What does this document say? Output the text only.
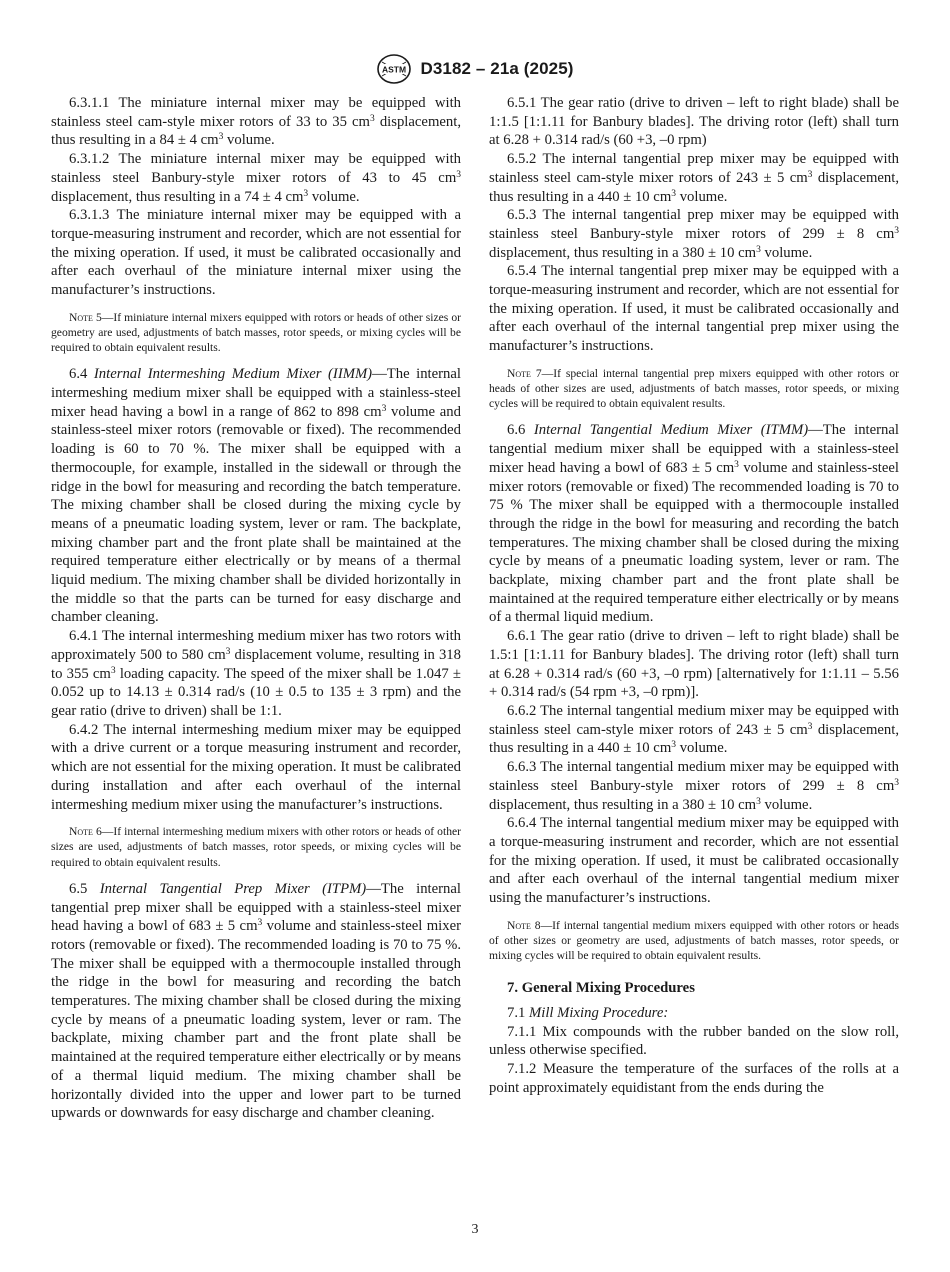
ASTM D3182 – 21a (2025)

6.3.1.1 The miniature internal mixer may be equipped with stainless steel cam-style mixer rotors of 33 to 35 $cm^3$ displacement, thus resulting in a 84 ± 4 $cm^3$ volume.

6.3.1.2 The miniature internal mixer may be equipped with stainless steel Banbury-style mixer rotors of 43 to 45 $cm^3$ displacement, thus resulting in a 74 ± 4 $cm^3$ volume.

6.3.1.3 The miniature internal mixer may be equipped with a torque-measuring instrument and recorder, which are not essential for the mixing operation. If used, it must be calibrated occasionally and after each overhaul of the miniature internal mixer using the manufacturer’s instructions.

Note 5—If miniature internal mixers equipped with rotors or heads of other sizes or geometry are used, adjustments of batch masses, rotor speeds, or mixing cycles will be required to obtain equivalent results.

6.4 Internal Intermeshing Medium Mixer (IIMM)—The internal intermeshing medium mixer shall be equipped with a stainless-steel mixer head having a bowl in a range of 862 to 898 $cm^3$ volume and stainless-steel mixer rotors (removable or fixed). The recommended loading is 60 to 70 %. The mixer shall be equipped with a thermocouple, for example, installed in the sidewall or through the ridge in the bowl for measuring and recording the batch temperature. The mixing chamber shall be closed during the mixing cycle by means of a pneumatic loading system, lever or ram. The backplate, mixing chamber part and the front plate shall be maintained at the required temperature either electrically or by means of a thermal liquid medium. The mixing chamber shall be divided horizontally in the middle so that the parts can be turned for easy discharge and chamber cleaning.

6.4.1 The internal intermeshing medium mixer has two rotors with approximately 500 to 580 $cm^3$ displacement volume, resulting in 318 to 355 $cm^3$ loading capacity. The speed of the mixer shall be 1.047 ± 0.052 up to 14.13 ± 0.314 rad/s (10 ± 0.5 to 135 ± 3 rpm) and the gear ratio (drive to driven) shall be 1:1.

6.4.2 The internal intermeshing medium mixer may be equipped with a drive current or a torque measuring instrument and recorder, which are not essential for the mixing operation. It must be calibrated during installation and after each overhaul of the internal intermeshing medium mixer using the manufacturer’s instructions.

Note 6—If internal intermeshing medium mixers with other rotors or heads of other sizes are used, adjustments of batch masses, rotor speeds, or mixing cycles will be required to obtain equivalent results.

6.5 Internal Tangential Prep Mixer (ITPM)—The internal tangential prep mixer shall be equipped with a stainless-steel mixer head having a bowl of 683 ± 5 $cm^3$ volume and stainless-steel mixer rotors (removable or fixed). The recommended loading is 70 to 75 %. The mixer shall be equipped with a thermocouple installed through the ridge in the bowl for measuring and recording the batch temperatures. The mixing chamber shall be closed during the mixing cycle by means of a pneumatic loading system, lever or ram. The backplate, mixing chamber part and the front plate shall be maintained at the required temperature either electrically or by means of a thermal liquid medium. The mixing chamber shall be horizontally divided into the upper and lower part to be turned upwards or downwards for easy discharge and chamber cleaning.

6.5.1 The gear ratio (drive to driven – left to right blade) shall be 1:1.5 [1:1.11 for Banbury blades]. The driving rotor (left) shall turn at 6.28 + 0.314 rad/s (60 +3, –0 rpm)

6.5.2 The internal tangential prep mixer may be equipped with stainless steel cam-style mixer rotors of 243 ± 5 $cm^3$ displacement, thus resulting in a 440 ± 10 $cm^3$ volume.

6.5.3 The internal tangential prep mixer may be equipped with stainless steel Banbury-style mixer rotors of 299 ± 8 $cm^3$ displacement, thus resulting in a 380 ± 10 $cm^3$ volume.

6.5.4 The internal tangential prep mixer may be equipped with a torque-measuring instrument and recorder, which are not essential for the mixing operation. If used, it must be calibrated occasionally and after each overhaul of the internal tangential prep mixer using the manufacturer’s instructions.

Note 7—If special internal tangential prep mixers equipped with other rotors or heads of other sizes are used, adjustments of batch masses, rotor speeds, or mixing cycles will be required to obtain equivalent results.

6.6 Internal Tangential Medium Mixer (ITMM)—The internal tangential medium mixer shall be equipped with a stainless-steel mixer head having a bowl of 683 ± 5 $cm^3$ volume and stainless-steel mixer rotors (removable or fixed) The recommended loading is 70 to 75 % The mixer shall be equipped with a thermocouple installed through the ridge in the bowl for measuring and recording the batch temperatures. The mixing chamber shall be closed during the mixing cycle by means of a pneumatic loading system, lever or ram. The backplate, mixing chamber part and the front plate shall be maintained at the required temperature either electrically or by means of a thermal liquid medium.

6.6.1 The gear ratio (drive to driven – left to right blade) shall be 1.5:1 [1:1.11 for Banbury blades]. The driving rotor (left) shall turn at 6.28 + 0.314 rad/s (60 +3, –0 rpm) [alternatively for 1:1.11 – 5.56 + 0.314 rad/s (54 rpm +3, –0 rpm)].

6.6.2 The internal tangential medium mixer may be equipped with stainless steel cam-style mixer rotors of 243 ± 5 $cm^3$ displacement, thus resulting in a 440 ± 10 $cm^3$ volume.

6.6.3 The internal tangential medium mixer may be equipped with stainless steel Banbury-style mixer rotors of 299 ± 8 $cm^3$ displacement, thus resulting in a 380 ± 10 $cm^3$ volume.

6.6.4 The internal tangential medium mixer may be equipped with a torque-measuring instrument and recorder, which are not essential for the mixing operation. If used, it must be calibrated occasionally and after each overhaul of the internal tangential medium mixer using the manufacturer’s instructions.

Note 8—If internal tangential medium mixers equipped with other rotors or heads of other sizes or geometry are used, adjustments of batch masses, rotor speeds, or mixing cycles will be required to obtain equivalent results.
7. General Mixing Procedures

7.1 Mill Mixing Procedure:

7.1.1 Mix compounds with the rubber banded on the slow roll, unless otherwise specified.

7.1.2 Measure the temperature of the surfaces of the rolls at a point approximately equidistant from the ends during the

3
